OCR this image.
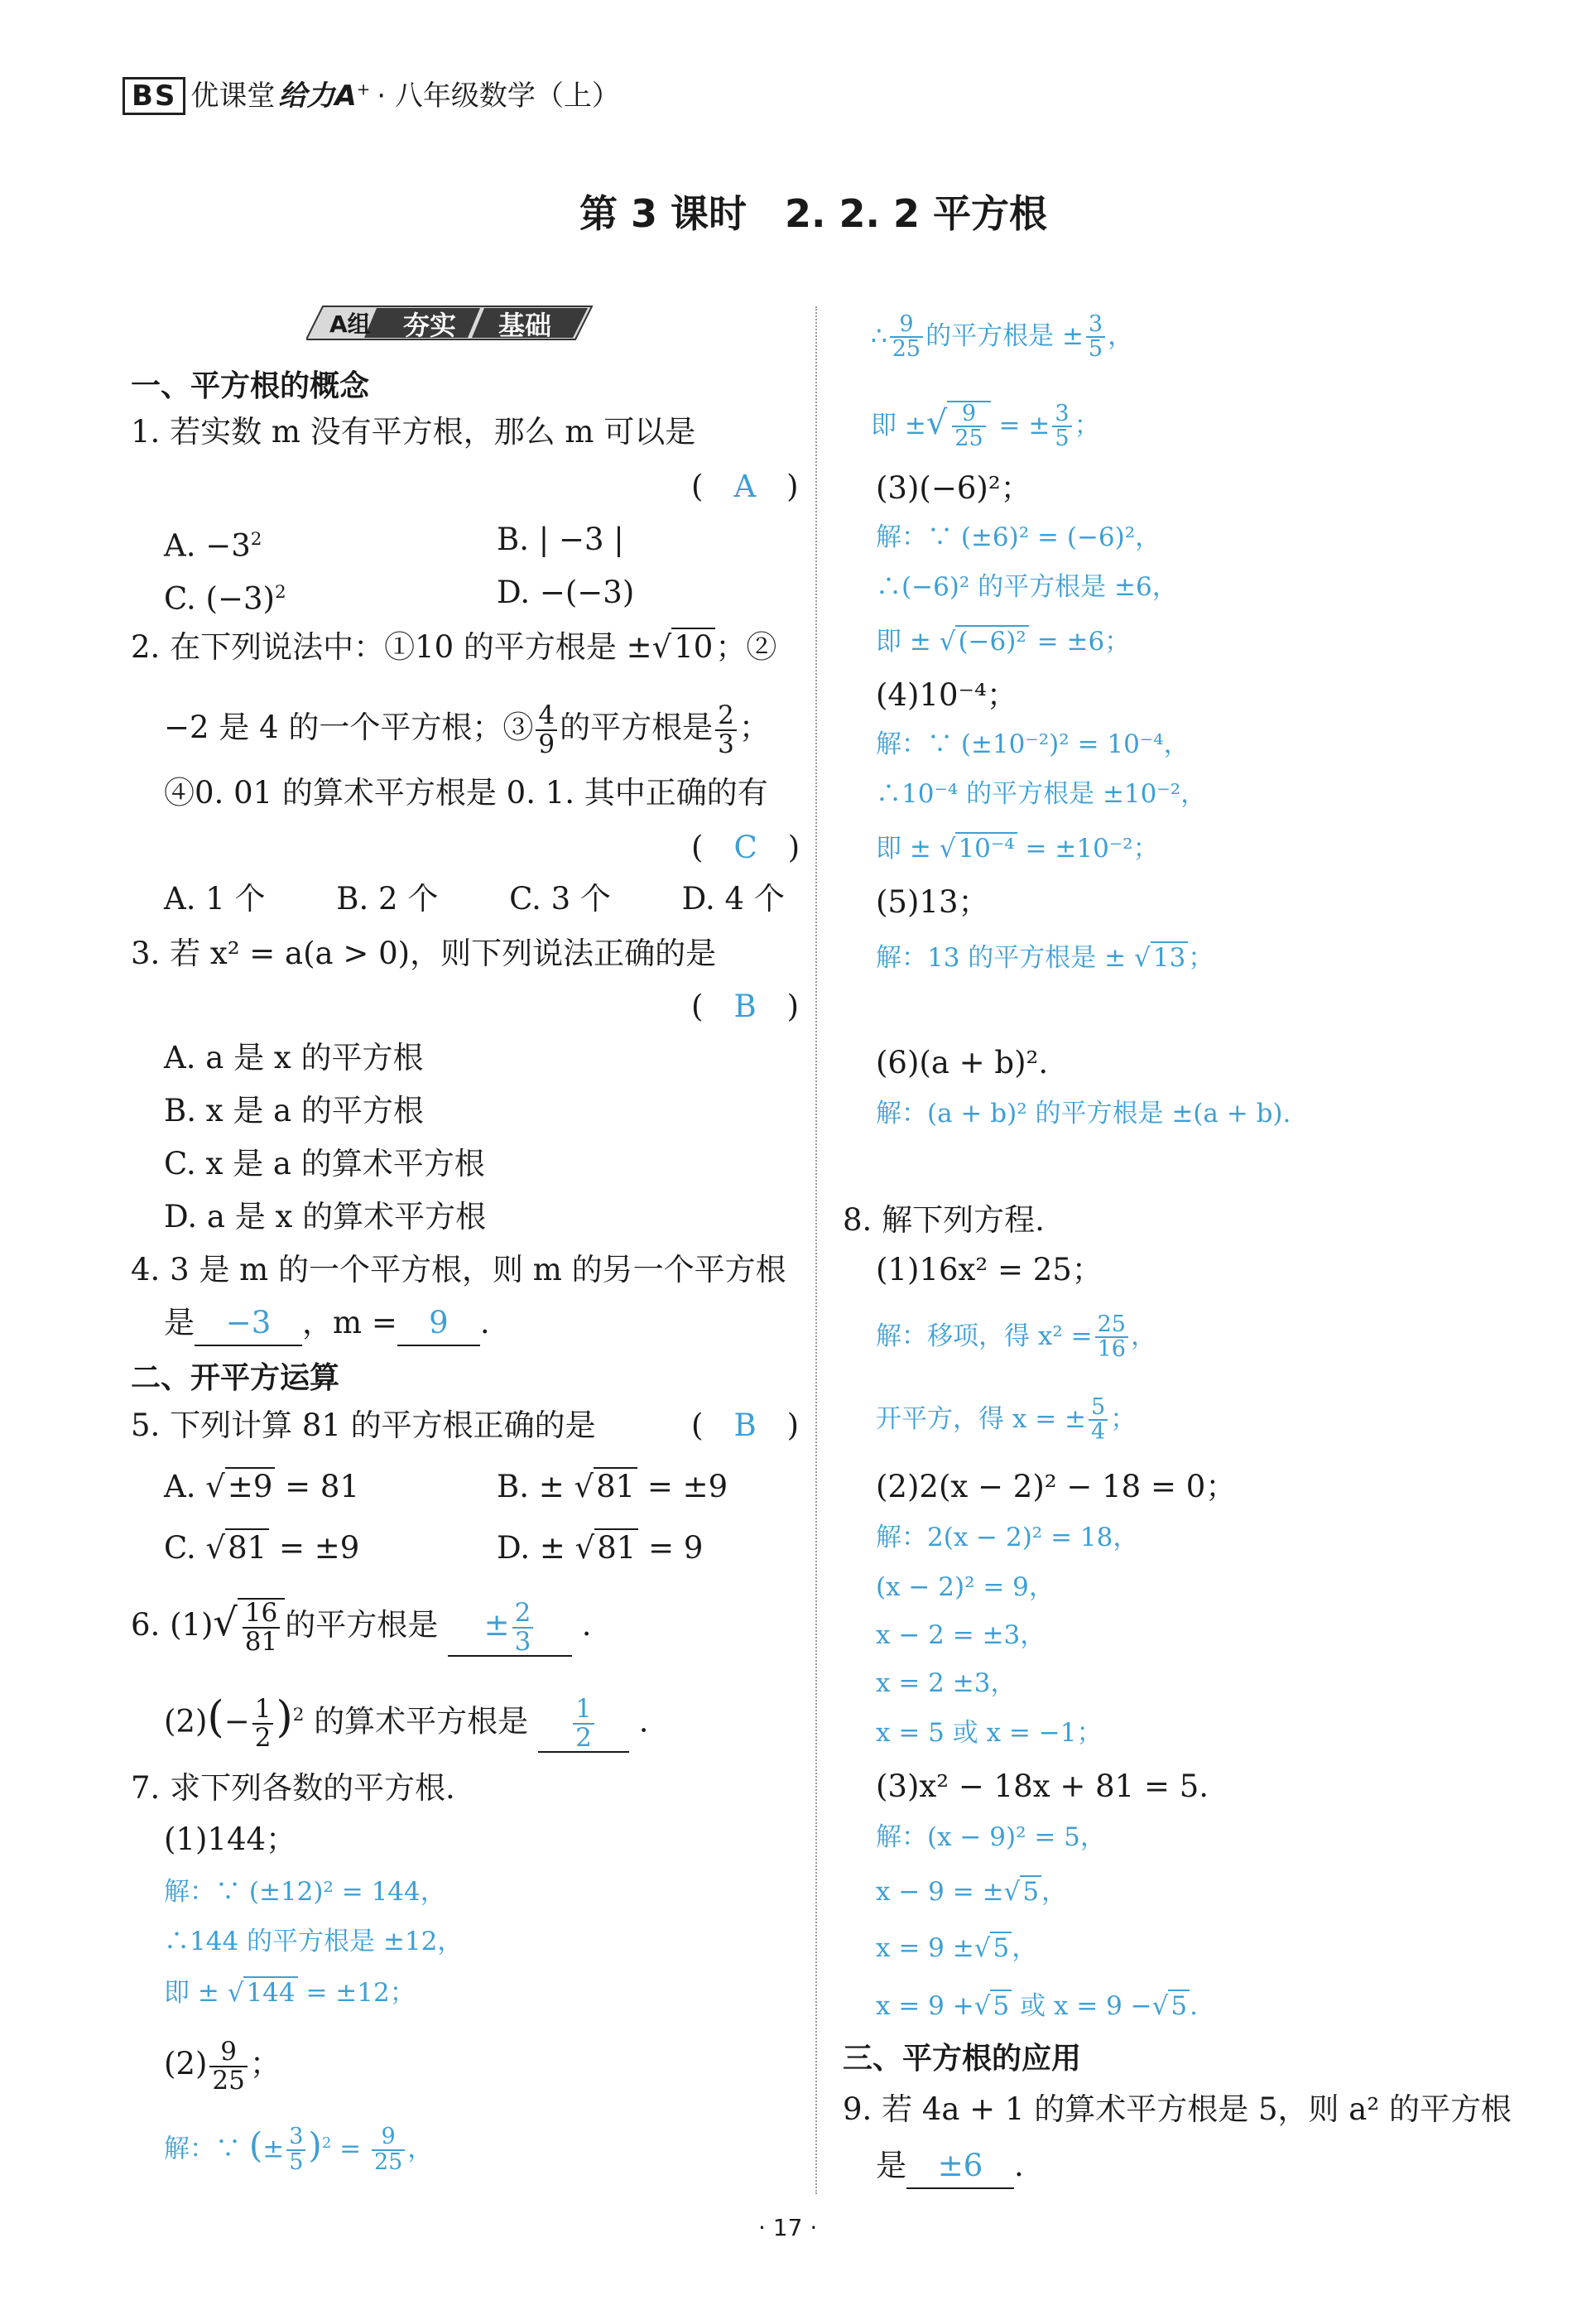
BS 优课堂 给力A+ · 八年级数学（上）
第 3 课时　2. 2. 2 平方根
A组 夯实 基础
一、平方根的概念
1. 若实数 m 没有平方根，那么 m 可以是
(　A　)
A. $-3^2$	B. | −3 |
C. $(-3)^2$	D. −(−3)
2. 在下列说法中：①10 的平方根是 ±√10；②
−2 是 4 的一个平方根；③ $\frac{4}{9}$ 的平方根是 $\frac{2}{3}$ ；
④0. 01 的算术平方根是 0. 1. 其中正确的有
(　C　)
A. 1 个　　 B. 2 个　　 C. 3 个　　 D. 4 个
3. 若 x² = a(a > 0)，则下列说法正确的是
(　B　)
A. a 是 x 的平方根
B. x 是 a 的平方根
C. x 是 a 的算术平方根
D. a 是 x 的算术平方根
4. 3 是 m 的一个平方根，则 m 的另一个平方根
是 −3 ，m = 9 .
二、开平方运算
5. 下列计算 81 的平方根正确的是	(　B　)
A. √±9 = 81	B. ± √81 = ±9
C. √81 = ±9	D. ± √81 = 9
6. $(1)√ \frac{16}{81}$ 的平方根是 ± $\frac{2}{3}$ .
$(2)(- \frac{1}{2} )^2$ 的算术平方根是 $\frac{1}{2}$ .
7. 求下列各数的平方根.
(1)144；
解：∵ (±12)² = 144，
∴144 的平方根是 ±12，
即 ± √144 = ±12；
$(2) \frac{9}{25}$ ；
解：∵ (± $\frac{3}{5} )^2 = \frac{9}{25}$ ，
∴ $\frac{9}{25}$ 的平方根是 ± $\frac{3}{5}$ ，
即 ±√ $\frac{9}{25}$ = ± $\frac{3}{5}$ ；
(3)(−6)²；
解：∵ (±6)² = (−6)²，
∴(−6)² 的平方根是 ±6，
即 ± √(−6)² = ±6；
(4)10⁻⁴；
解：∵ (±10⁻²)² = 10⁻⁴，
∴10⁻⁴ 的平方根是 ±10⁻²，
即 ± √10⁻⁴ = ±10⁻²；
(5)13；
解：13 的平方根是 ± √13；
(6)(a + b)².
解：(a + b)² 的平方根是 ±(a + b).
8. 解下列方程.
(1)16x² = 25；
解：移项，得 $x^2 = \frac{25}{16}$ ，
开平方，得 x = ± $\frac{5}{4}$ ；
(2)2(x − 2)² − 18 = 0；
解：2(x − 2)² = 18，
(x − 2)² = 9，
x − 2 = ±3，
x = 2 ±3，
x = 5 或 x = −1；
(3)x² − 18x + 81 = 5.
解：(x − 9)² = 5，
x − 9 = ±√5，
x = 9 ±√5，
x = 9 +√5 或 x = 9 −√5.
三、平方根的应用
9. 若 4a + 1 的算术平方根是 5，则 a² 的平方根
是 ±6 .
· 17 ·
